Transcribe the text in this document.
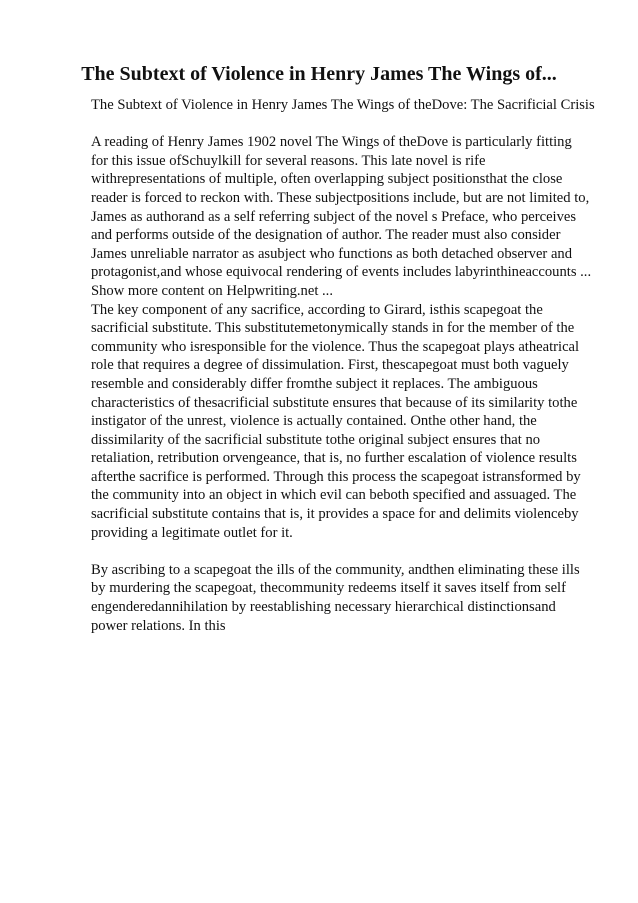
The Subtext of Violence in Henry James The Wings of...
The Subtext of Violence in Henry James The Wings of theDove: The Sacrificial Crisis
A reading of Henry James 1902 novel The Wings of theDove is particularly fitting
for this issue ofSchuylkill for several reasons. This late novel is rife
withrepresentations of multiple, often overlapping subject positionsthat the close
reader is forced to reckon with. These subjectpositions include, but are not limited to,
James as authorand as a self referring subject of the novel s Preface, who perceives
and performs outside of the designation of author. The reader must also consider
James unreliable narrator as asubject who functions as both detached observer and
protagonist,and whose equivocal rendering of events includes labyrinthineaccounts ...
Show more content on Helpwriting.net ...
The key component of any sacrifice, according to Girard, isthis scapegoat the
sacrificial substitute. This substitutemetonymically stands in for the member of the
community who isresponsible for the violence. Thus the scapegoat plays atheatrical
role that requires a degree of dissimulation. First, thescapegoat must both vaguely
resemble and considerably differ fromthe subject it replaces. The ambiguous
characteristics of thesacrificial substitute ensures that because of its similarity tothe
instigator of the unrest, violence is actually contained. Onthe other hand, the
dissimilarity of the sacrificial substitute tothe original subject ensures that no
retaliation, retribution orvengeance, that is, no further escalation of violence results
afterthe sacrifice is performed. Through this process the scapegoat istransformed by
the community into an object in which evil can beboth specified and assuaged. The
sacrificial substitute contains that is, it provides a space for and delimits violenceby
providing a legitimate outlet for it.
By ascribing to a scapegoat the ills of the community, andthen eliminating these ills
by murdering the scapegoat, thecommunity redeems itself it saves itself from self
engenderedannihilation by reestablishing necessary hierarchical distinctionsand
power relations. In this
